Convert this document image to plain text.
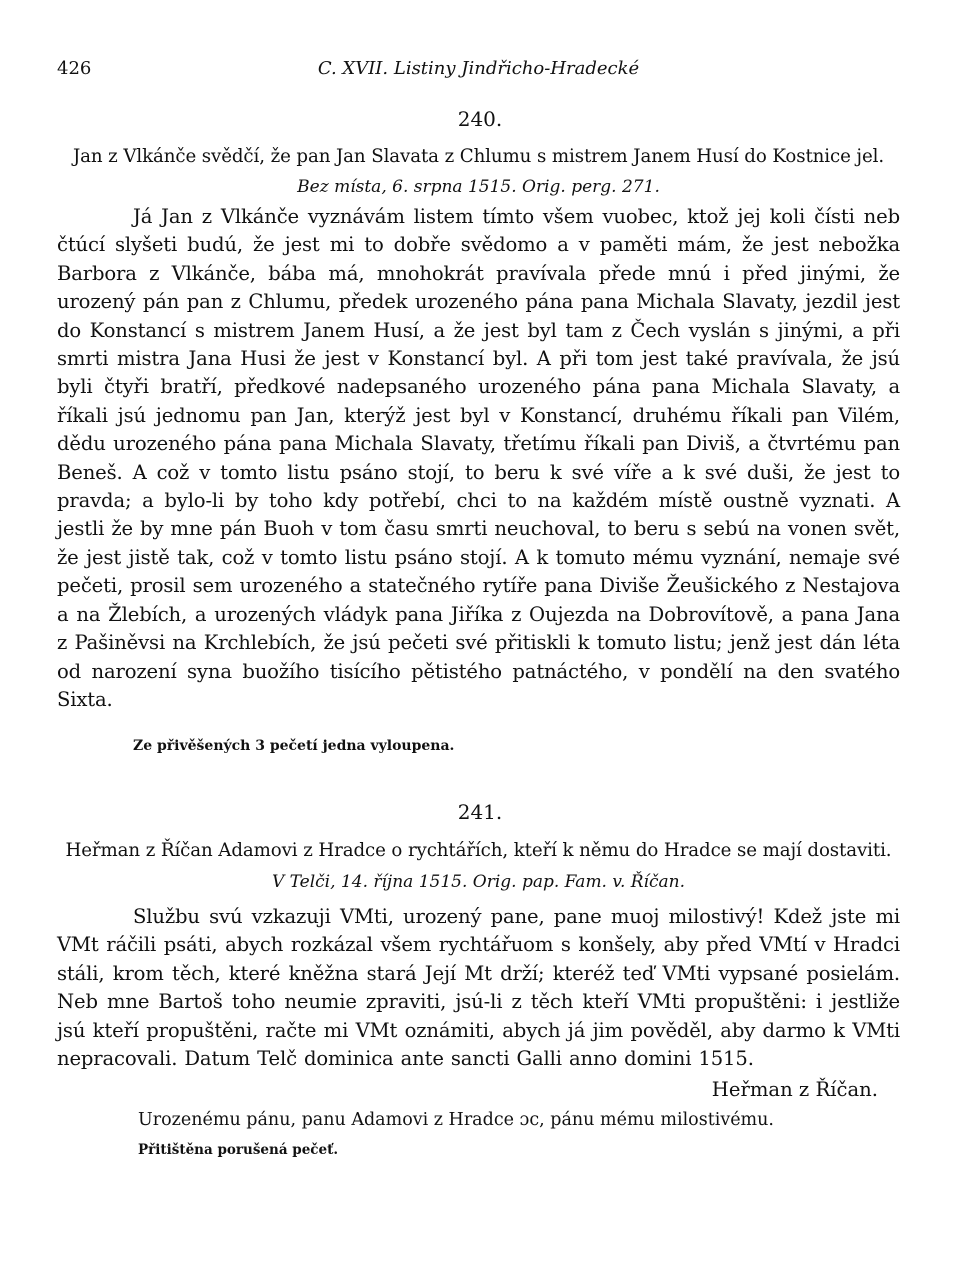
426	C. XVII. Listiny Jindřicho-Hradecké
240.
Jan z Vlkánče svědčí, že pan Jan Slavata z Chlumu s mistrem Janem Husí do Kostnice jel.
Bez místa, 6. srpna 1515. Orig. perg. 271.

Já Jan z Vlkánče vyznávám listem tímto všem vuobec, ktož jej koli čísti neb čtúcí slyšeti budú, že jest mi to dobře svědomo a v paměti mám, že jest nebožka Barbora z Vlkánče, bába má, mnohokrát pravívala přede mnú i před jinými, že urozený pán pan z Chlumu, předek urozeného pána pana Michala Slavaty, jezdil jest do Konstancí s mistrem Janem Husí, a že jest byl tam z Čech vyslán s jinými, a při smrti mistra Jana Husi že jest v Konstancí byl. A při tom jest také pravívala, že jsú byli čtyři bratří, předkové nadepsaného urozeného pána pana Michala Slavaty, a říkali jsú jednomu pan Jan, kterýž jest byl v Konstancí, druhému říkali pan Vilém, dědu urozeného pána pana Michala Slavaty, třetímu říkali pan Diviš, a čtvrtému pan Beneš. A což v tomto listu psáno stojí, to beru k své víře a k své duši, že jest to pravda; a bylo-li by toho kdy potřebí, chci to na každém místě oustně vyznati. A jestli že by mne pán Buoh v tom času smrti neuchoval, to beru s sebú na vonen svět, že jest jistě tak, což v tomto listu psáno stojí. A k tomuto mému vyznání, nemaje své pečeti, prosil sem urozeného a statečného rytíře pana Diviše Žeušického z Nestajova a na Žlebích, a urozených vládyk pana Jiříka z Oujezda na Dobrovítově, a pana Jana z Pašiněvsi na Krchlebích, že jsú pečeti své přitiskli k tomuto listu; jenž jest dán léta od narození syna buožího tisícího pětistého patnáctého, v pondělí na den svatého Sixta.

Ze přivěšených 3 pečetí jedna vyloupena.
241.
Heřman z Říčan Adamovi z Hradce o rychtářích, kteří k němu do Hradce se mají dostaviti.
V Telči, 14. října 1515. Orig. pap. Fam. v. Říčan.

Službu svú vzkazuji VMti, urozený pane, pane muoj milostivý! Kdež jste mi VMt ráčili psáti, abych rozkázal všem rychtářuom s konšely, aby před VMtí v Hradci stáli, krom těch, které kněžna stará Její Mt drží; kteréž teď VMti vypsané posielám. Neb mne Bartoš toho neumie zpraviti, jsú-li z těch kteří VMti propuštěni: i jestliže jsú kteří propuštěni, račte mi VMt oznámiti, abych já jim pověděl, aby darmo k VMti nepracovali. Datum Telč dominica ante sancti Galli anno domini 1515.

Heřman z Říčan.
Urozenému pánu, panu Adamovi z Hradce ɔc, pánu mému milostivému.
Přitištěna porušená pečeť.
